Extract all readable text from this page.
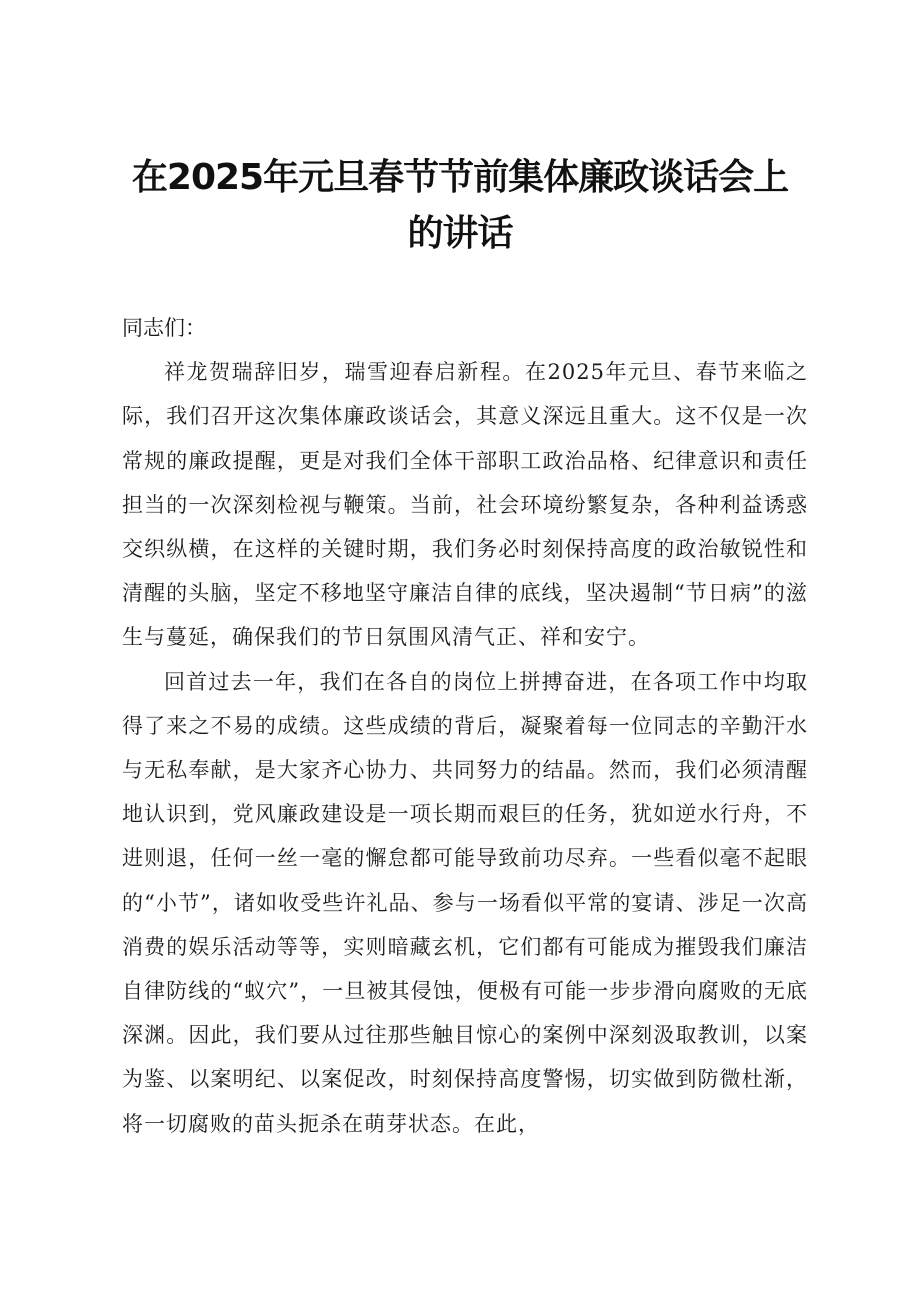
在2025年元旦春节节前集体廉政谈话会上的讲话

同志们：

祥龙贺瑞辞旧岁，瑞雪迎春启新程。在2025年元旦、春节来临之际，我们召开这次集体廉政谈话会，其意义深远且重大。这不仅是一次常规的廉政提醒，更是对我们全体干部职工政治品格、纪律意识和责任担当的一次深刻检视与鞭策。当前，社会环境纷繁复杂，各种利益诱惑交织纵横，在这样的关键时期，我们务必时刻保持高度的政治敏锐性和清醒的头脑，坚定不移地坚守廉洁自律的底线，坚决遏制“节日病”的滋生与蔓延，确保我们的节日氛围风清气正、祥和安宁。

回首过去一年，我们在各自的岗位上拼搏奋进，在各项工作中均取得了来之不易的成绩。这些成绩的背后，凝聚着每一位同志的辛勤汗水与无私奉献，是大家齐心协力、共同努力的结晶。然而，我们必须清醒地认识到，党风廉政建设是一项长期而艰巨的任务，犹如逆水行舟，不进则退，任何一丝一毫的懈怠都可能导致前功尽弃。一些看似毫不起眼的“小节”，诸如收受些许礼品、参与一场看似平常的宴请、涉足一次高消费的娱乐活动等等，实则暗藏玄机，它们都有可能成为摧毁我们廉洁自律防线的“蚁穴”，一旦被其侵蚀，便极有可能一步步滑向腐败的无底深渊。因此，我们要从过往那些触目惊心的案例中深刻汲取教训，以案为鉴、以案明纪、以案促改，时刻保持高度警惕，切实做到防微杜渐，将一切腐败的苗头扼杀在萌芽状态。在此，
